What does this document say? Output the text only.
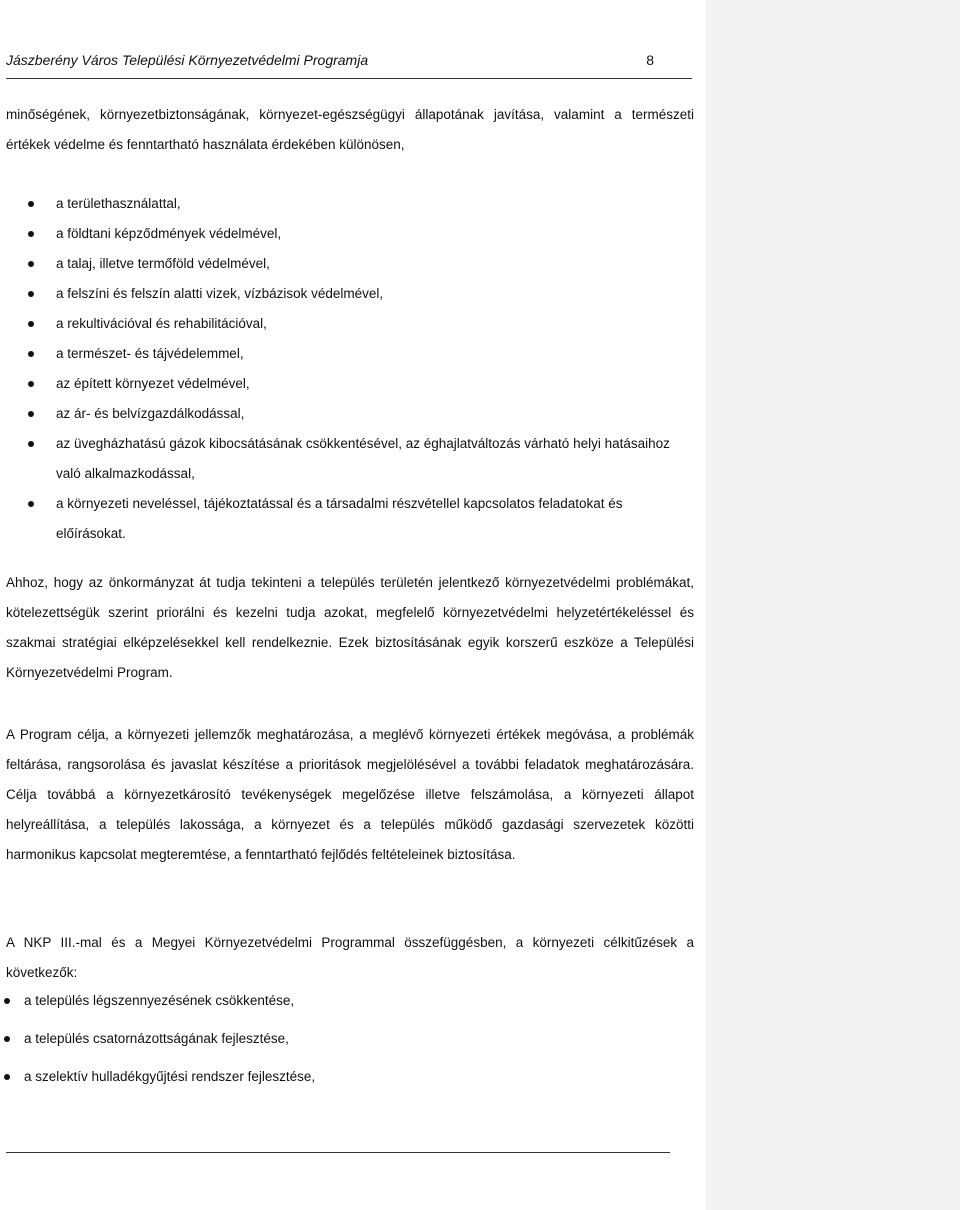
Jászberény Város Települési Környezetvédelmi Programja	8
minőségének, környezetbiztonságának, környezet-egészségügyi állapotának javítása, valamint a természeti értékek védelme és fenntartható használata érdekében különösen,
a területhasználattal,
a földtani képződmények védelmével,
a talaj, illetve termőföld védelmével,
a felszíni és felszín alatti vizek, vízbázisok védelmével,
a rekultivációval és rehabilitációval,
a természet- és tájvédelemmel,
az épített környezet védelmével,
az ár- és belvízgazdálkodással,
az üvegházhatású gázok kibocsátásának csökkentésével, az éghajlatváltozás várható helyi hatásaihoz való alkalmazkodással,
a környezeti neveléssel, tájékoztatással és a társadalmi részvétellel kapcsolatos feladatokat és előírásokat.
Ahhoz, hogy az önkormányzat át tudja tekinteni a település területén jelentkező környezetvédelmi problémákat, kötelezettségük szerint priorálni és kezelni tudja azokat, megfelelő környezetvédelmi helyzetértékeléssel és szakmai stratégiai elképzelésekkel kell rendelkeznie. Ezek biztosításának egyik korszerű eszköze a Települési Környezetvédelmi Program.
A Program célja, a környezeti jellemzők meghatározása, a meglévő környezeti értékek megóvása, a problémák feltárása, rangsorolása és javaslat készítése a prioritások megjelölésével a további feladatok meghatározására. Célja továbbá a környezetkárosító tevékenységek megelőzése illetve felszámolása, a környezeti állapot helyreállítása, a település lakossága, a környezet és a település működő gazdasági szervezetek közötti harmonikus kapcsolat megteremtése, a fenntartható fejlődés feltételeinek biztosítása.
A NKP III.-mal és a Megyei Környezetvédelmi Programmal összefüggésben, a környezeti célkitűzések a következők:
a település légszennyezésének csökkentése,
a település csatornázottságának fejlesztése,
a szelektív hulladékgyűjtési rendszer fejlesztése,
